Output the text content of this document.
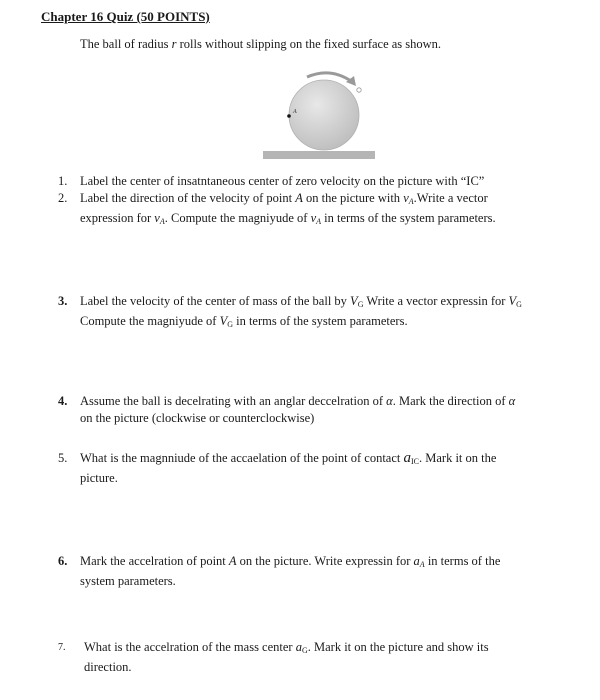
Chapter 16 Quiz (50 POINTS)
The ball of radius r rolls without slipping on the fixed surface as shown.
A
1. Label the center of insatntaneous center of zero velocity on the picture with “IC”
2. Label the direction of the velocity of point A on the picture with $v_A.Write$ a vector
expression for $v_A$. Compute the magniyude of $v_A$ in terms of the system parameters.
3. Label the velocity of the center of mass of the ball by $V_G$ Write a vector expressin for $V_G$
Compute the magniyude of $V_G$ in terms of the system parameters.
4. Assume the ball is decelrating with an anglar deccelration of α. Mark the direction of α
on the picture (clockwise or counterclockwise)
5. What is the magnniude of the accaelation of the point of contact $a_{IC}$. Mark it on the
picture.
6. Mark the accelration of point A on the picture. Write expressin for $a_A$ in terms of the
system parameters.
7. What is the accelration of the mass center $a_G$. Mark it on the picture and show its
direction.
